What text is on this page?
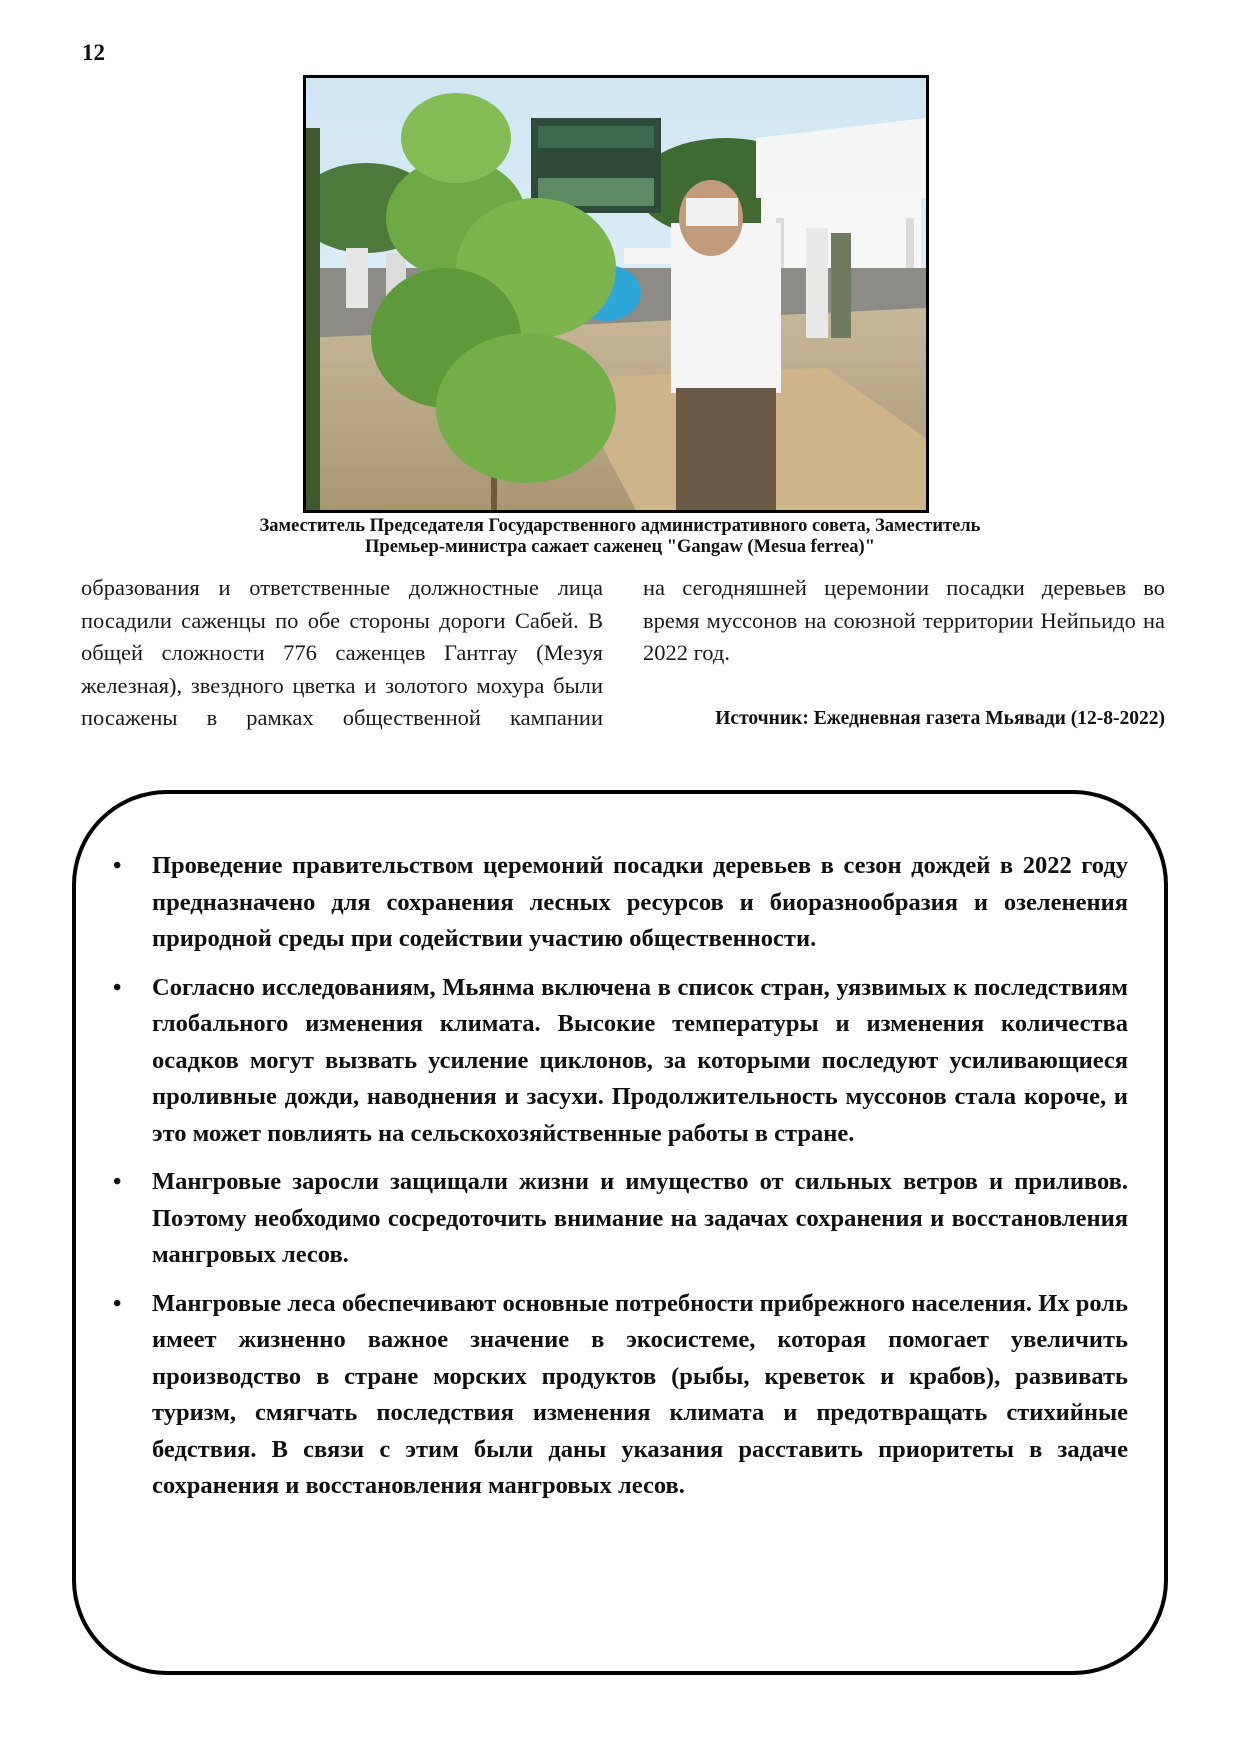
12
Заместитель Председателя Государственного административного совета, Заместитель
Премьер-министра сажает саженец "Gangaw (Mesua ferrea)"
образования и ответственные должностные лица посадили саженцы по обе стороны дороги Сабей. В общей сложности 776 саженцев Гантгау (Мезуя железная), звездного цветка и золотого мохура были посажены в рамках общественной кампании
на сегодняшней церемонии посадки деревьев во время муссонов на союзной территории Нейпьидо на 2022 год.
Источник: Ежедневная газета Мьявади (12-8-2022)
• Проведение правительством церемоний посадки деревьев в сезон дождей в 2022 году предназначено для сохранения лесных ресурсов и биоразнообразия и озеленения природной среды при содействии участию общественности.
• Согласно исследованиям, Мьянма включена в список стран, уязвимых к последствиям глобального изменения климата. Высокие температуры и изменения количества осадков могут вызвать усиление циклонов, за которыми последуют усиливающиеся проливные дожди, наводнения и засухи. Продолжительность муссонов стала короче, и это может повлиять на сельскохозяйственные работы в стране.
• Мангровые заросли защищали жизни и имущество от сильных ветров и приливов. Поэтому необходимо сосредоточить внимание на задачах сохранения и восстановления мангровых лесов.
• Мангровые леса обеспечивают основные потребности прибрежного населения. Их роль имеет жизненно важное значение в экосистеме, которая помогает увеличить производство в стране морских продуктов (рыбы, креветок и крабов), развивать туризм, смягчать последствия изменения климата и предотвращать стихийные бедствия. В связи с этим были даны указания расставить приоритеты в задаче сохранения и восстановления мангровых лесов.
